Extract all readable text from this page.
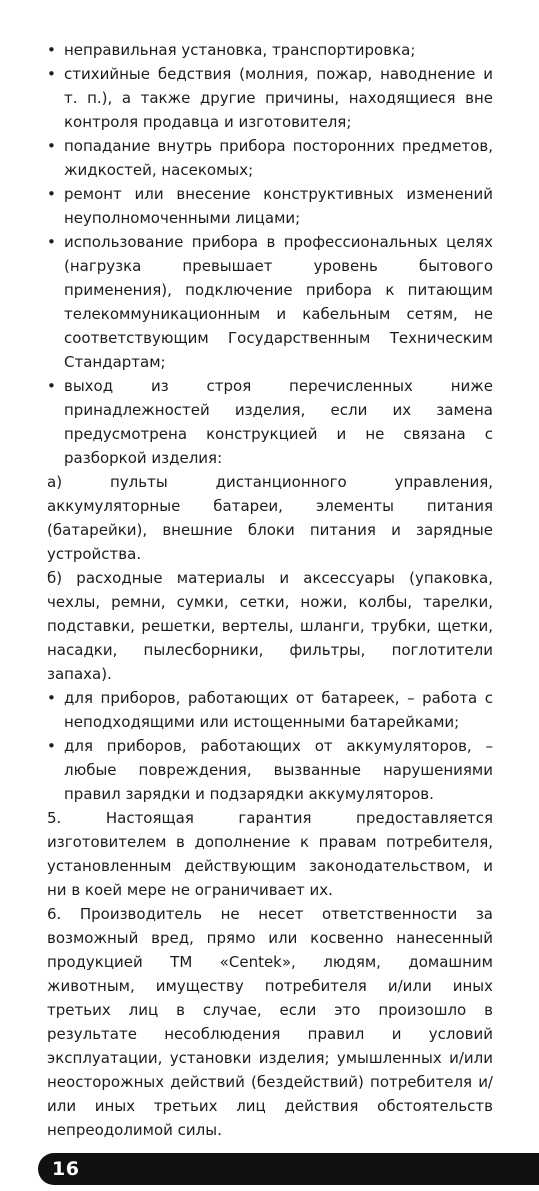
• неправильная установка, транспортировка;
• стихийные бедствия (молния, пожар, наводнение и т. п.), а также другие причины, находящиеся вне контроля продавца и изготовителя;
• попадание внутрь прибора посторонних предметов, жидкостей, насекомых;
• ремонт или внесение конструктивных изменений неуполномоченными лицами;
• использование прибора в профессиональных целях (нагрузка превышает уровень бытового применения), подключение прибора к питающим телекоммуникационным и кабельным сетям, не соответствующим Государственным Техническим Стандартам;
• выход из строя перечисленных ниже принадлежностей изделия, если их замена предусмотрена конструкцией и не связана с разборкой изделия:

а) пульты дистанционного управления, аккумуляторные батареи, элементы питания (батарейки), внешние блоки питания и зарядные устройства.

б) расходные материалы и аксессуары (упаковка, чехлы, ремни, сумки, сетки, ножи, колбы, тарелки, подставки, решетки, вертелы, шланги, трубки, щетки, насадки, пылесборники, фильтры, поглотители запаха).

• для приборов, работающих от батареек, – работа с неподходящими или истощенными батарейками;
• для приборов, работающих от аккумуляторов, – любые повреждения, вызванные нарушениями правил зарядки и подзарядки аккумуляторов.

5. Настоящая гарантия предоставляется изготовителем в дополнение к правам потребителя, установленным действующим законодательством, и ни в коей мере не ограничивает их.

6. Производитель не несет ответственности за возможный вред, прямо или косвенно нанесенный продукцией ТМ «Centek», людям, домашним животным, имуществу потребителя и/или иных третьих лиц в случае, если это произошло в результате несоблюдения правил и условий эксплуатации, установки изделия; умышленных и/или неосторожных действий (бездействий) потребителя и/или иных третьих лиц действия обстоятельств непреодолимой силы.

16
